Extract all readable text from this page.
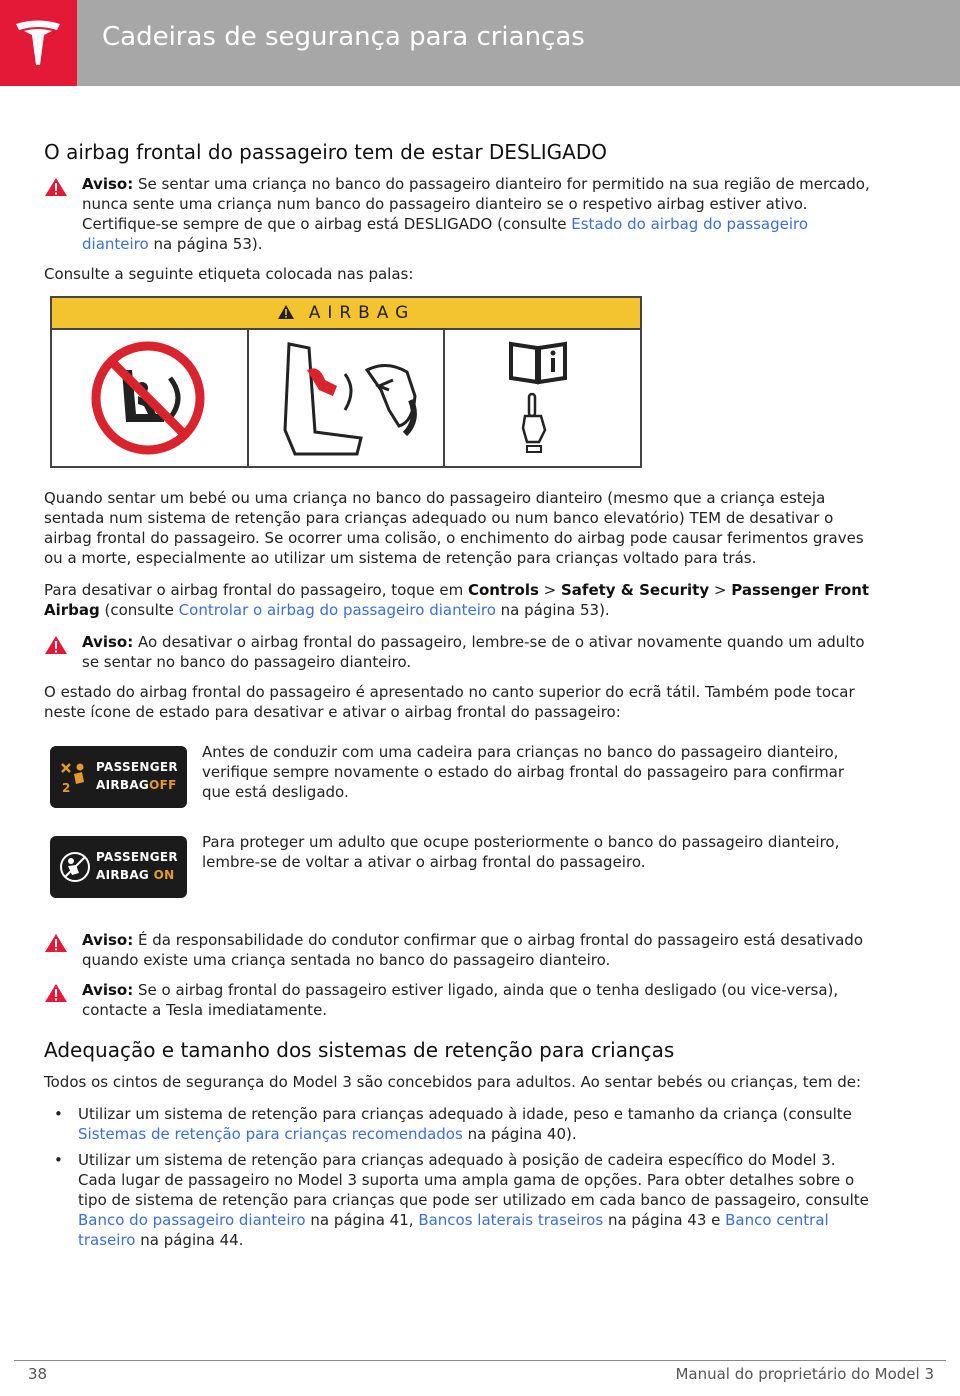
Cadeiras de segurança para crianças
O airbag frontal do passageiro tem de estar DESLIGADO
Aviso: Se sentar uma criança no banco do passageiro dianteiro for permitido na sua região de mercado, nunca sente uma criança num banco do passageiro dianteiro se o respetivo airbag estiver ativo. Certifique-se sempre de que o airbag está DESLIGADO (consulte Estado do airbag do passageiro dianteiro na página 53).

Consulte a seguinte etiqueta colocada nas palas:

AIRBAG

Quando sentar um bebé ou uma criança no banco do passageiro dianteiro (mesmo que a criança esteja sentada num sistema de retenção para crianças adequado ou num banco elevatório) TEM de desativar o airbag frontal do passageiro. Se ocorrer uma colisão, o enchimento do airbag pode causar ferimentos graves ou a morte, especialmente ao utilizar um sistema de retenção para crianças voltado para trás.

Para desativar o airbag frontal do passageiro, toque em Controls > Safety & Security > Passenger Front Airbag (consulte Controlar o airbag do passageiro dianteiro na página 53).

Aviso: Ao desativar o airbag frontal do passageiro, lembre-se de o ativar novamente quando um adulto se sentar no banco do passageiro dianteiro.

O estado do airbag frontal do passageiro é apresentado no canto superior do ecrã tátil. Também pode tocar neste ícone de estado para desativar e ativar o airbag frontal do passageiro:

2
PASSENGER
AIRBAGOFF
Antes de conduzir com uma cadeira para crianças no banco do passageiro dianteiro, verifique sempre novamente o estado do airbag frontal do passageiro para confirmar que está desligado.
PASSENGER
AIRBAG ON
Para proteger um adulto que ocupe posteriormente o banco do passageiro dianteiro, lembre-se de voltar a ativar o airbag frontal do passageiro.
Aviso: É da responsabilidade do condutor confirmar que o airbag frontal do passageiro está desativado quando existe uma criança sentada no banco do passageiro dianteiro.
Aviso: Se o airbag frontal do passageiro estiver ligado, ainda que o tenha desligado (ou vice-versa), contacte a Tesla imediatamente.
Adequação e tamanho dos sistemas de retenção para crianças

Todos os cintos de segurança do Model 3 são concebidos para adultos. Ao sentar bebés ou crianças, tem de:

• Utilizar um sistema de retenção para crianças adequado à idade, peso e tamanho da criança (consulte Sistemas de retenção para crianças recomendados na página 40).
• Utilizar um sistema de retenção para crianças adequado à posição de cadeira específico do Model 3. Cada lugar de passageiro no Model 3 suporta uma ampla gama de opções. Para obter detalhes sobre o tipo de sistema de retenção para crianças que pode ser utilizado em cada banco de passageiro, consulte Banco do passageiro dianteiro na página 41, Bancos laterais traseiros na página 43 e Banco central traseiro na página 44.
38	Manual do proprietário do Model 3
